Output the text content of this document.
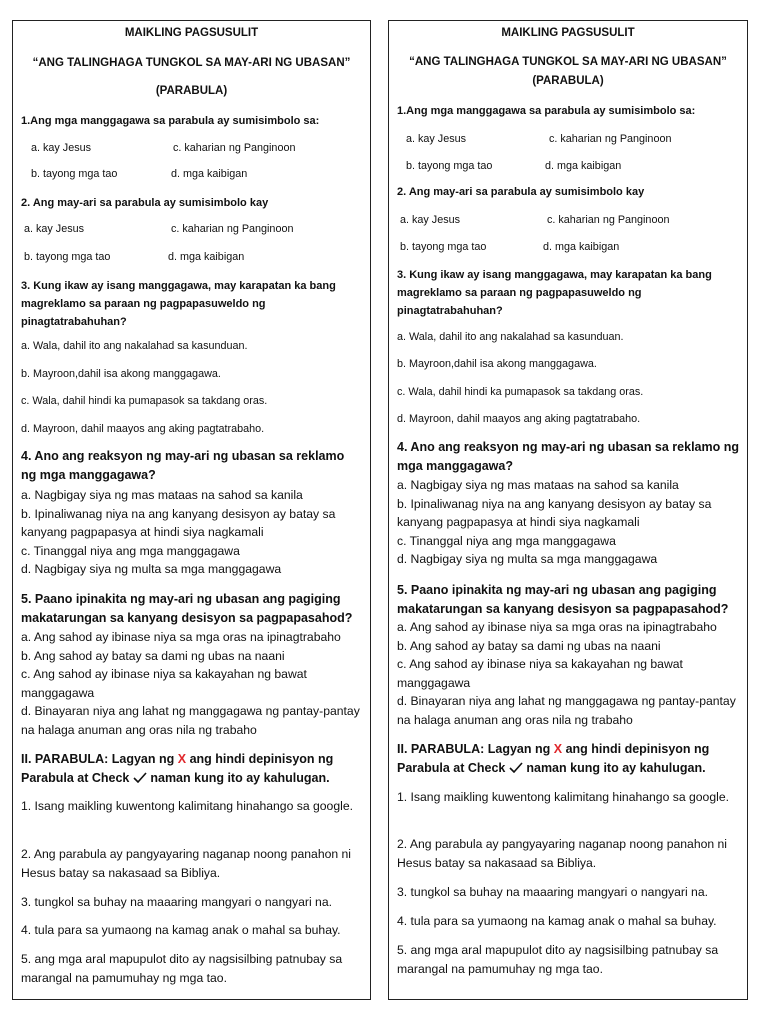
MAIKLING PAGSUSULIT
“ANG TALINGHAGA TUNGKOL SA MAY-ARI NG UBASAN”
(PARABULA)
1.Ang mga manggagawa sa parabula ay sumisimbolo sa:
a. kay Jesus	c. kaharian ng Panginoon
b. tayong mga tao	d. mga kaibigan
2. Ang may-ari sa parabula ay sumisimbolo kay
a. kay Jesus	c. kaharian ng Panginoon
b. tayong mga tao	d. mga kaibigan
3. Kung ikaw ay isang manggagawa, may karapatan ka bang magreklamo sa paraan ng pagpapasuweldo ng pinagtatrabahuhan?
a. Wala, dahil ito ang nakalahad sa kasunduan.
b. Mayroon,dahil isa akong manggagawa.
c. Wala, dahil hindi ka pumapasok sa takdang oras.
d. Mayroon, dahil maayos ang aking pagtatrabaho.
4. Ano ang reaksyon ng may-ari ng ubasan sa reklamo ng mga manggagawa?
a. Nagbigay siya ng mas mataas na sahod sa kanila
b. Ipinaliwanag niya na ang kanyang desisyon ay batay sa kanyang pagpapasya at hindi siya nagkamali
c. Tinanggal niya ang mga manggagawa
d. Nagbigay siya ng multa sa mga manggagawa
5. Paano ipinakita ng may-ari ng ubasan ang pagiging makatarungan sa kanyang desisyon sa pagpapasahod?
a. Ang sahod ay ibinase niya sa mga oras na ipinagtrabaho
b. Ang sahod ay batay sa dami ng ubas na naani
c. Ang sahod ay ibinase niya sa kakayahan ng bawat manggagawa
d. Binayaran niya ang lahat ng manggagawa ng pantay-pantay na halaga anuman ang oras nila ng trabaho
II. PARABULA: Lagyan ng X ang hindi depinisyon ng Parabula at Check naman kung ito ay kahulugan.
1. Isang maikling kuwentong kalimitang hinahango sa google.
2. Ang parabula ay pangyayaring naganap noong panahon ni Hesus batay sa nakasaad sa Bibliya.
3. tungkol sa buhay na maaaring mangyari o nangyari na.
4. tula para sa yumaong na kamag anak o mahal sa buhay.
5. ang mga aral mapupulot dito ay nagsisilbing patnubay sa marangal na pamumuhay ng mga tao.
MAIKLING PAGSUSULIT
“ANG TALINGHAGA TUNGKOL SA MAY-ARI NG UBASAN”
(PARABULA)
1.Ang mga manggagawa sa parabula ay sumisimbolo sa:
a. kay Jesus	c. kaharian ng Panginoon
b. tayong mga tao	d. mga kaibigan
2. Ang may-ari sa parabula ay sumisimbolo kay
a. kay Jesus	c. kaharian ng Panginoon
b. tayong mga tao	d. mga kaibigan
3. Kung ikaw ay isang manggagawa, may karapatan ka bang magreklamo sa paraan ng pagpapasuweldo ng pinagtatrabahuhan?
a. Wala, dahil ito ang nakalahad sa kasunduan.
b. Mayroon,dahil isa akong manggagawa.
c. Wala, dahil hindi ka pumapasok sa takdang oras.
d. Mayroon, dahil maayos ang aking pagtatrabaho.
4. Ano ang reaksyon ng may-ari ng ubasan sa reklamo ng mga manggagawa?
a. Nagbigay siya ng mas mataas na sahod sa kanila
b. Ipinaliwanag niya na ang kanyang desisyon ay batay sa kanyang pagpapasya at hindi siya nagkamali
c. Tinanggal niya ang mga manggagawa
d. Nagbigay siya ng multa sa mga manggagawa
5. Paano ipinakita ng may-ari ng ubasan ang pagiging makatarungan sa kanyang desisyon sa pagpapasahod?
a. Ang sahod ay ibinase niya sa mga oras na ipinagtrabaho
b. Ang sahod ay batay sa dami ng ubas na naani
c. Ang sahod ay ibinase niya sa kakayahan ng bawat manggagawa
d. Binayaran niya ang lahat ng manggagawa ng pantay-pantay na halaga anuman ang oras nila ng trabaho
II. PARABULA: Lagyan ng X ang hindi depinisyon ng Parabula at Check naman kung ito ay kahulugan.
1. Isang maikling kuwentong kalimitang hinahango sa google.
2. Ang parabula ay pangyayaring naganap noong panahon ni Hesus batay sa nakasaad sa Bibliya.
3. tungkol sa buhay na maaaring mangyari o nangyari na.
4. tula para sa yumaong na kamag anak o mahal sa buhay.
5. ang mga aral mapupulot dito ay nagsisilbing patnubay sa marangal na pamumuhay ng mga tao.
